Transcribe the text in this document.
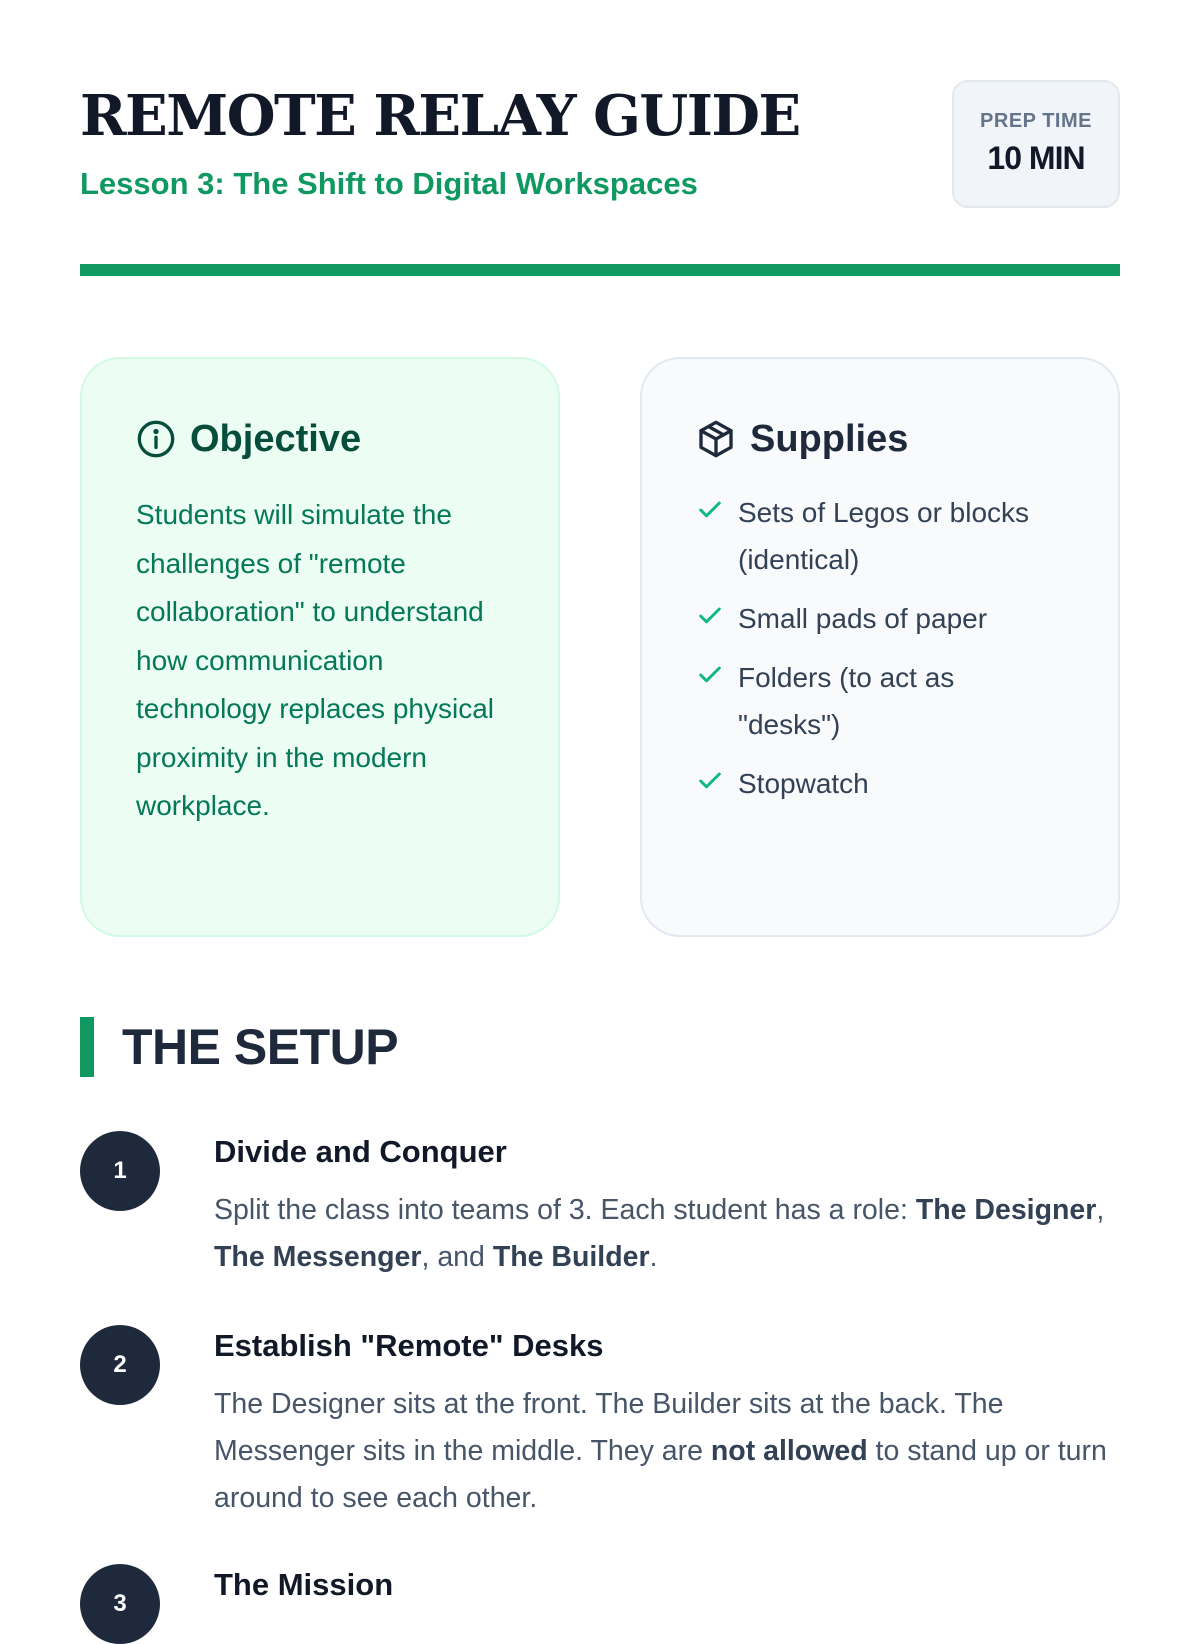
REMOTE RELAY GUIDE
Lesson 3: The Shift to Digital Workspaces
PREP TIME
10 MIN
Objective
Students will simulate the challenges of "remote collaboration" to understand how communication technology replaces physical proximity in the modern workplace.
Supplies
Sets of Legos or blocks (identical)
Small pads of paper
Folders (to act as "desks")
Stopwatch
THE SETUP
1
Divide and Conquer
Split the class into teams of 3. Each student has a role: The Designer, The Messenger, and The Builder.
2
Establish "Remote" Desks
The Designer sits at the front. The Builder sits at the back. The Messenger sits in the middle. They are not allowed to stand up or turn around to see each other.
3
The Mission
